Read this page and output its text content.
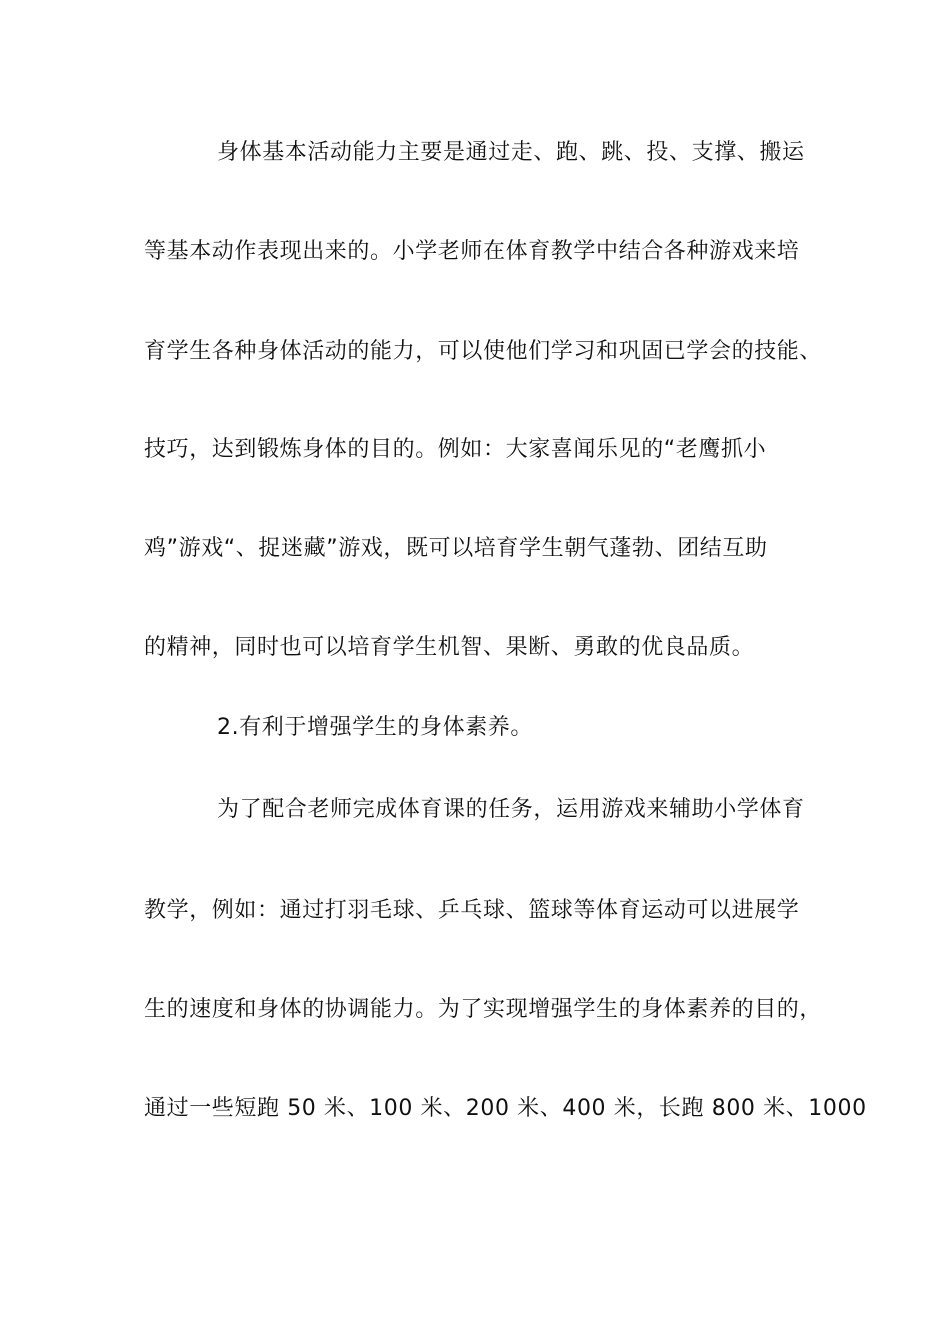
身体基本活动能力主要是通过走、跑、跳、投、支撑、搬运
等基本动作表现出来的。小学老师在体育教学中结合各种游戏来培
育学生各种身体活动的能力，可以使他们学习和巩固已学会的技能、
技巧，达到锻炼身体的目的。例如：大家喜闻乐见的“老鹰抓小
鸡”游戏“、捉迷藏”游戏，既可以培育学生朝气蓬勃、团结互助
的精神，同时也可以培育学生机智、果断、勇敢的优良品质。
2.有利于增强学生的身体素养。
为了配合老师完成体育课的任务，运用游戏来辅助小学体育
教学，例如：通过打羽毛球、乒乓球、篮球等体育运动可以进展学
生的速度和身体的协调能力。为了实现增强学生的身体素养的目的，
通过一些短跑 50 米、100 米、200 米、400 米，长跑 800 米、1000
